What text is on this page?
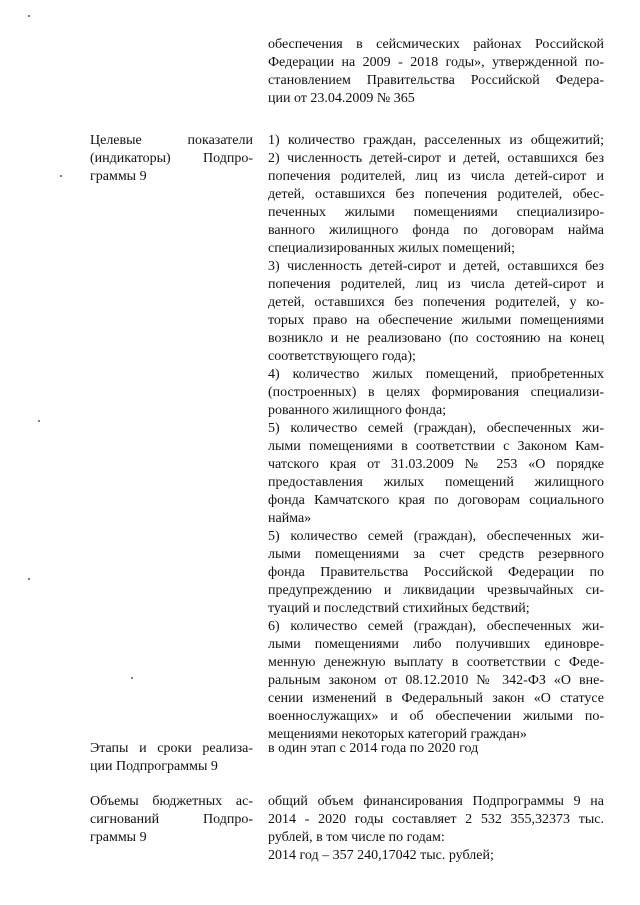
обеспечения в сейсмических районах Российской
Федерации на 2009 - 2018 годы», утвержденной по-
становлением Правительства Российской Федера-
ции от 23.04.2009 № 365
Целевые показатели
(индикаторы) Подпро-
граммы 9
1) количество граждан, расселенных из общежитий;
2) численность детей-сирот и детей, оставшихся без
попечения родителей, лиц из числа детей-сирот и
детей, оставшихся без попечения родителей, обес-
печенных жилыми помещениями специализиро-
ванного жилищного фонда по договорам найма
специализированных жилых помещений;
3) численность детей-сирот и детей, оставшихся без
попечения родителей, лиц из числа детей-сирот и
детей, оставшихся без попечения родителей, у ко-
торых право на обеспечение жилыми помещениями
возникло и не реализовано (по состоянию на конец
соответствующего года);
4) количество жилых помещений, приобретенных
(построенных) в целях формирования специализи-
рованного жилищного фонда;
5) количество семей (граждан), обеспеченных жи-
лыми помещениями в соответствии с Законом Кам-
чатского края от 31.03.2009 № 253 «О порядке
предоставления жилых помещений жилищного
фонда Камчатского края по договорам социального
найма»
5) количество семей (граждан), обеспеченных жи-
лыми помещениями за счет средств резервного
фонда Правительства Российской Федерации по
предупреждению и ликвидации чрезвычайных си-
туаций и последствий стихийных бедствий;
6) количество семей (граждан), обеспеченных жи-
лыми помещениями либо получивших единовре-
менную денежную выплату в соответствии с Феде-
ральным законом от 08.12.2010 № 342-ФЗ «О вне-
сении изменений в Федеральный закон «О статусе
военнослужащих» и об обеспечении жилыми по-
мещениями некоторых категорий граждан»
Этапы и сроки реализа-
ции Подпрограммы 9
в один этап с 2014 года по 2020 год
Объемы бюджетных ас-
сигнований Подпро-
граммы 9
общий объем финансирования Подпрограммы 9 на
2014 - 2020 годы составляет 2 532 355,32373 тыс.
рублей, в том числе по годам:
2014 год – 357 240,17042 тыс. рублей;
